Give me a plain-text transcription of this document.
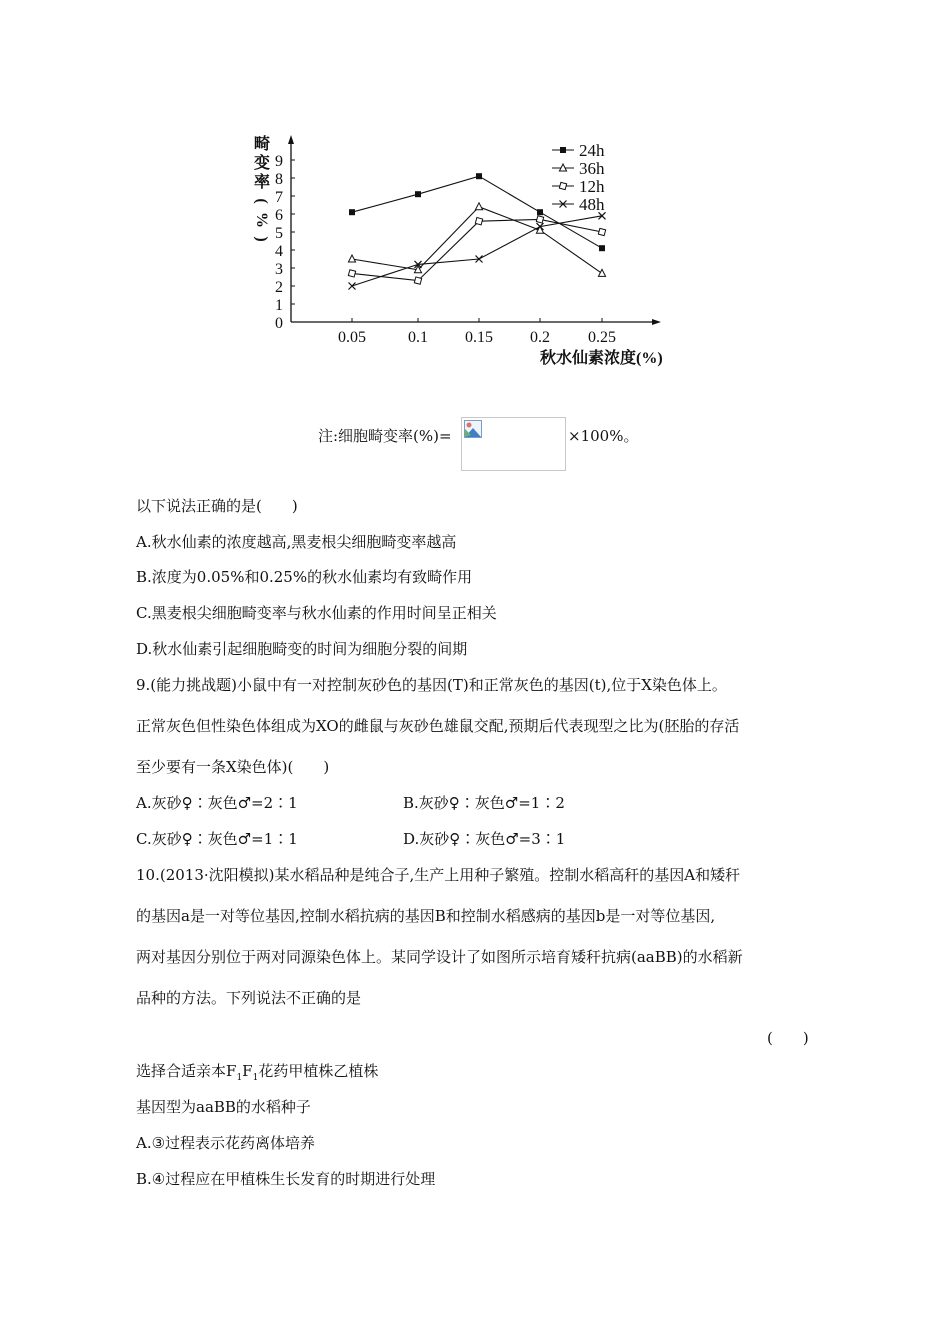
0
1
2
3
4
5
6
7
8
9
0.05	0.1 0.15 0.2 0.25
24h
36h
12h
48h
畸
变
率
(
%
)
秋水仙素浓度(%)
注:细胞畸变率(%)=	×100%。
以下说法正确的是(　　)
A.秋水仙素的浓度越高,黑麦根尖细胞畸变率越高
B.浓度为0.05%和0.25%的秋水仙素均有致畸作用
C.黑麦根尖细胞畸变率与秋水仙素的作用时间呈正相关
D.秋水仙素引起细胞畸变的时间为细胞分裂的间期
9.(能力挑战题)小鼠中有一对控制灰砂色的基因(T)和正常灰色的基因(t),位于X染色体上。
正常灰色但性染色体组成为XO的雌鼠与灰砂色雄鼠交配,预期后代表现型之比为(胚胎的存活
至少要有一条X染色体)(　　)
A.灰砂♀∶灰色♂=2∶1	B.灰砂♀∶灰色♂=1∶2
C.灰砂♀∶灰色♂=1∶1	D.灰砂♀∶灰色♂=3∶1
10.(2013·沈阳模拟)某水稻品种是纯合子,生产上用种子繁殖。控制水稻高秆的基因A和矮秆
的基因a是一对等位基因,控制水稻抗病的基因B和控制水稻感病的基因b是一对等位基因,
两对基因分别位于两对同源染色体上。某同学设计了如图所示培育矮秆抗病(aaBB)的水稻新
品种的方法。下列说法不正确的是
(　　)
选择合适亲本$F_1F_1$花药甲植株乙植株
基因型为aaBB的水稻种子
A.③过程表示花药离体培养
B.④过程应在甲植株生长发育的时期进行处理
